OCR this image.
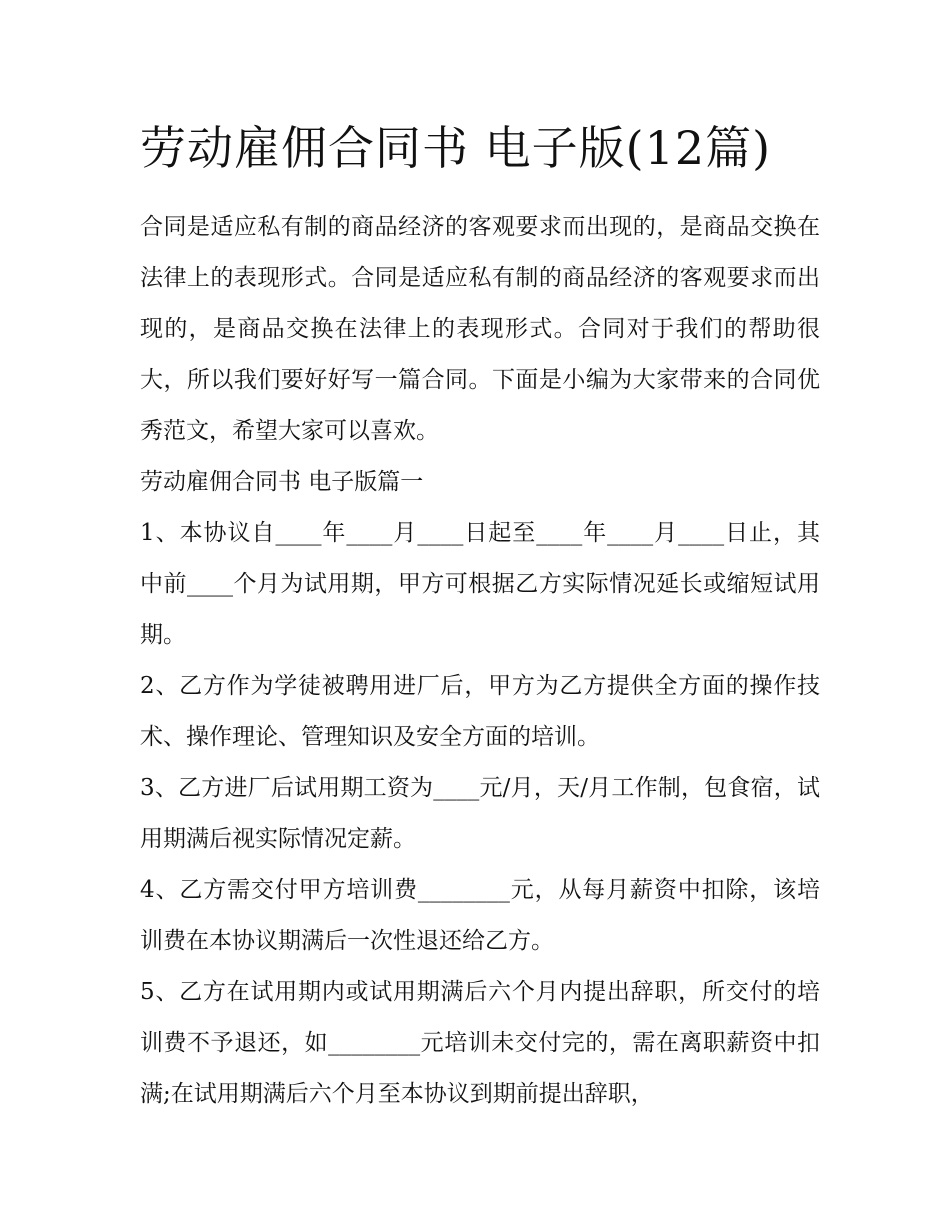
劳动雇佣合同书 电子版(12篇)

合同是适应私有制的商品经济的客观要求而出现的，是商品交换在法律上的表现形式。合同是适应私有制的商品经济的客观要求而出现的，是商品交换在法律上的表现形式。合同对于我们的帮助很大，所以我们要好好写一篇合同。下面是小编为大家带来的合同优秀范文，希望大家可以喜欢。

劳动雇佣合同书 电子版篇一

1、本协议自____年____月____日起至____年____月____日止，其中前____个月为试用期，甲方可根据乙方实际情况延长或缩短试用期。

2、乙方作为学徒被聘用进厂后，甲方为乙方提供全方面的操作技术、操作理论、管理知识及安全方面的培训。

3、乙方进厂后试用期工资为____元/月，天/月工作制，包食宿，试用期满后视实际情况定薪。

4、乙方需交付甲方培训费________元，从每月薪资中扣除，该培训费在本协议期满后一次性退还给乙方。

5、乙方在试用期内或试用期满后六个月内提出辞职，所交付的培训费不予退还，如________元培训未交付完的，需在离职薪资中扣满;在试用期满后六个月至本协议到期前提出辞职，
